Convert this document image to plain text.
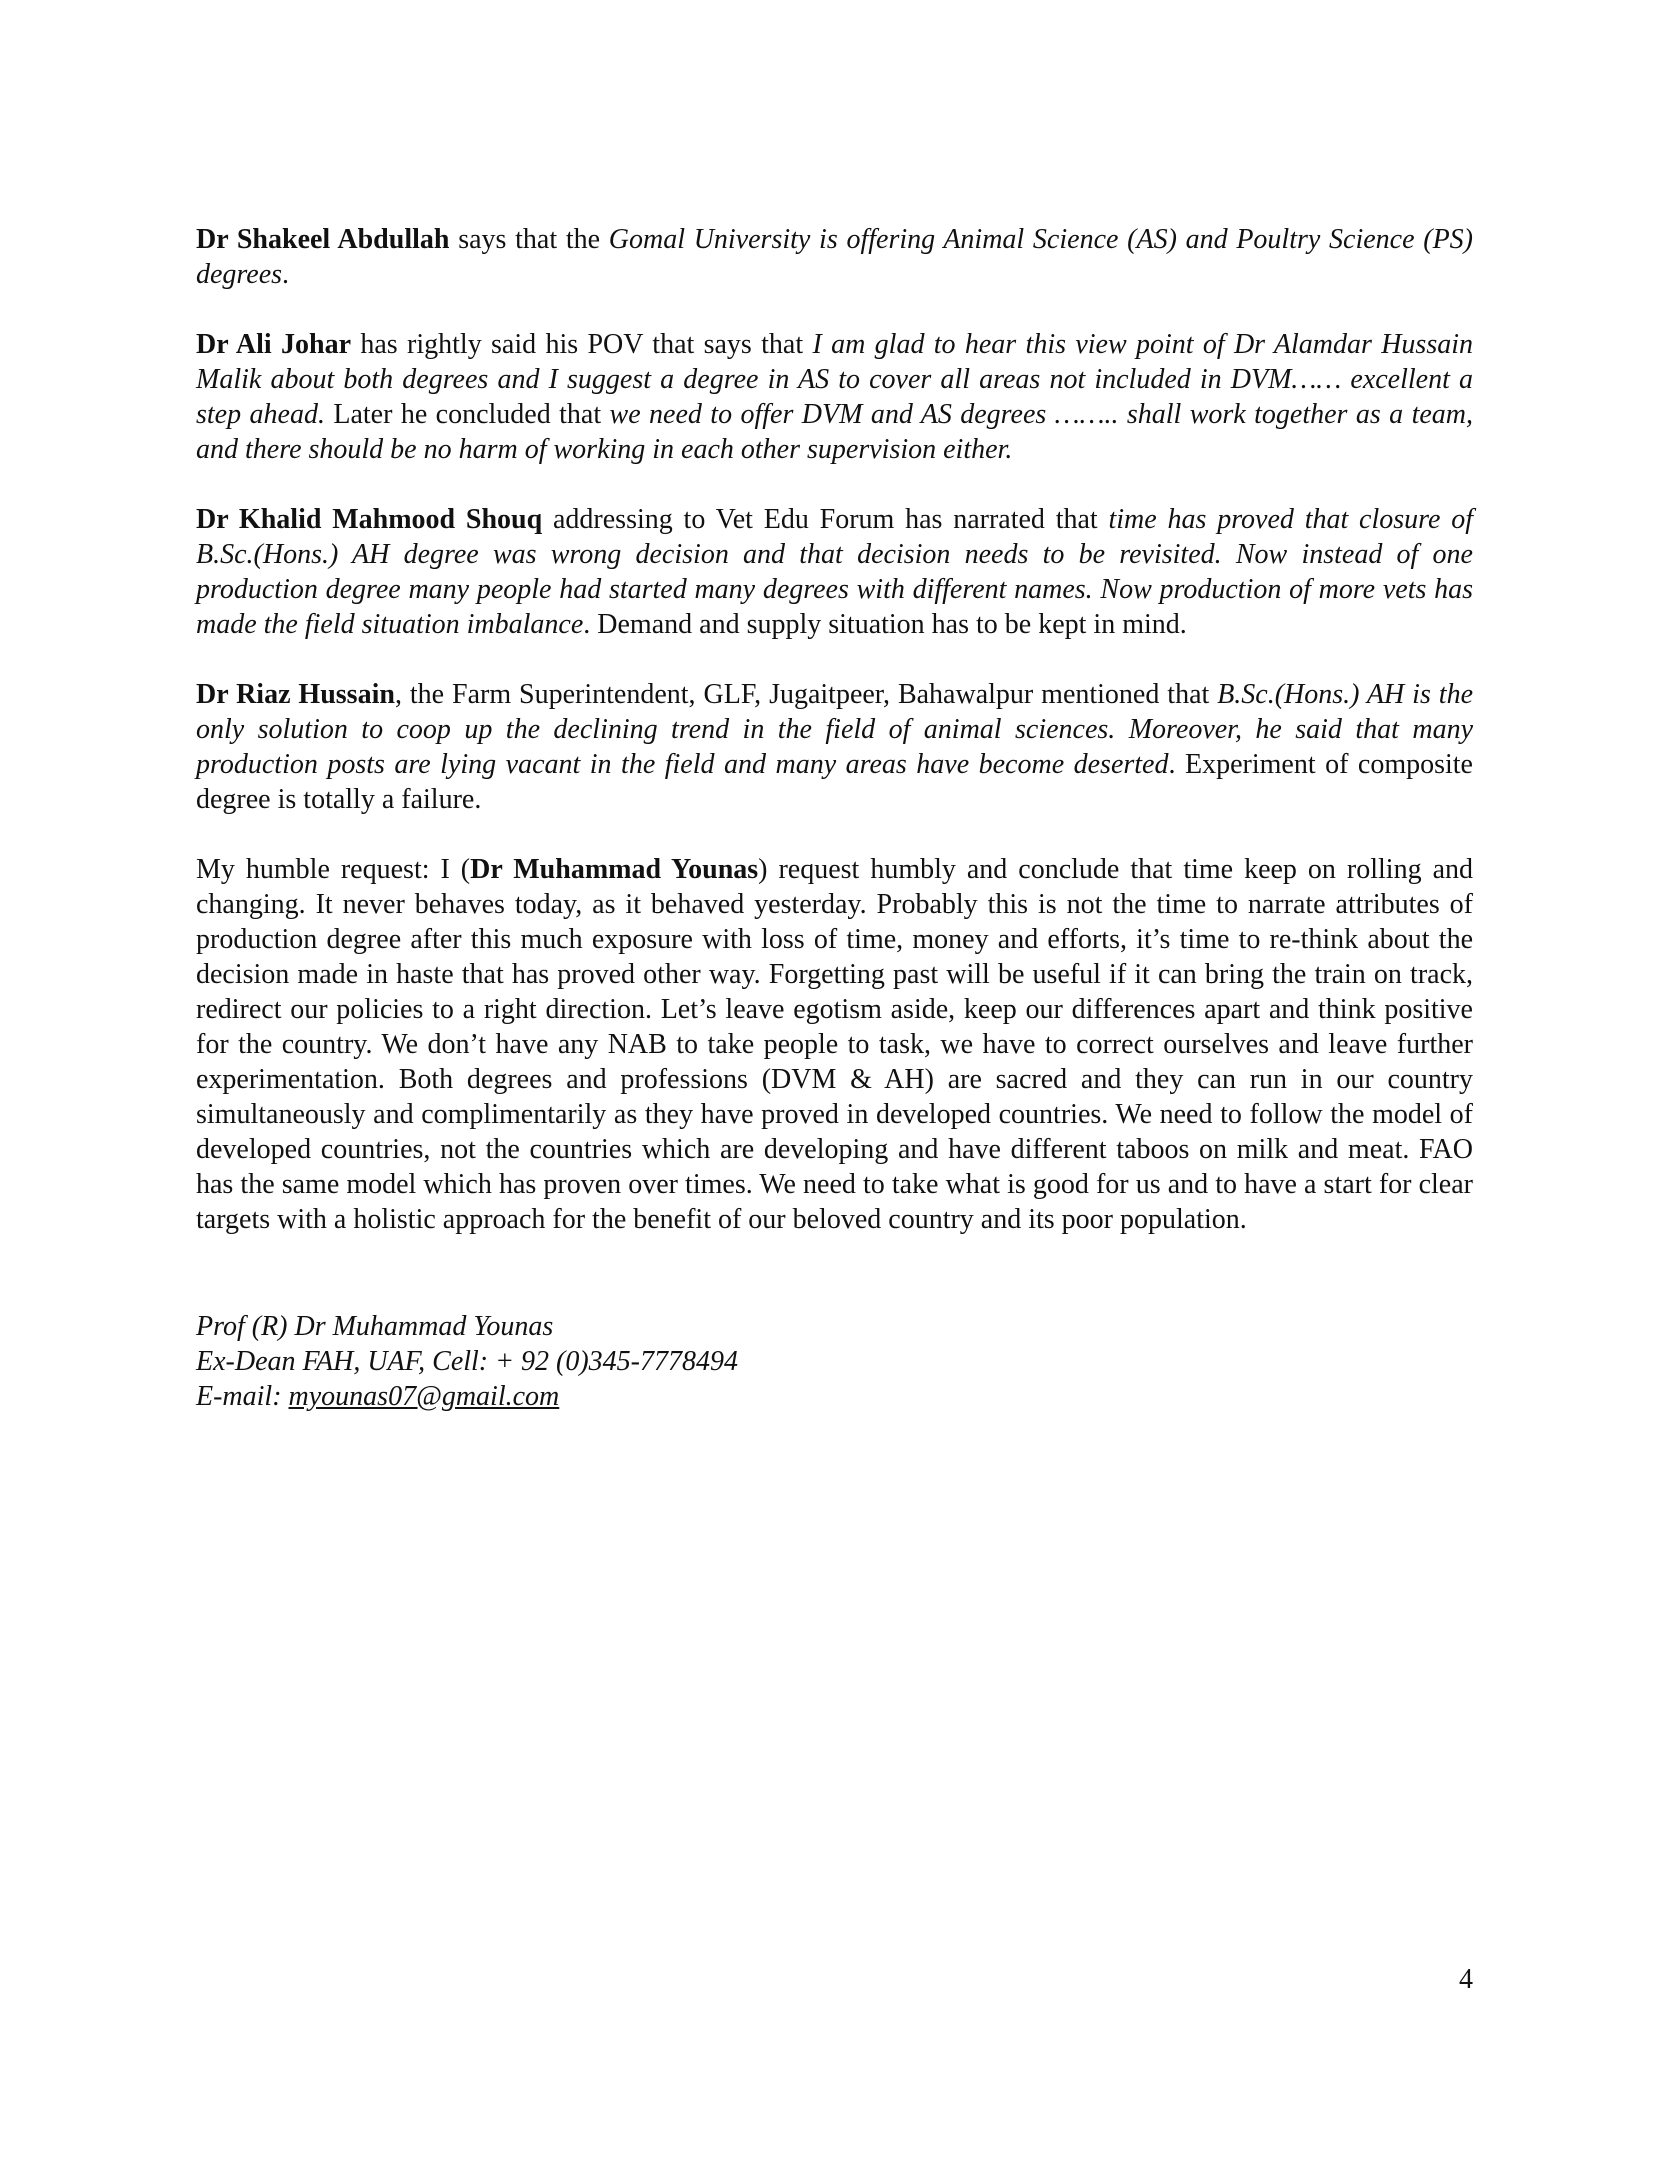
Dr Shakeel Abdullah says that the Gomal University is offering Animal Science (AS) and Poultry Science (PS) degrees.

Dr Ali Johar has rightly said his POV that says that I am glad to hear this view point of Dr Alamdar Hussain Malik about both degrees and I suggest a degree in AS to cover all areas not included in DVM…… excellent a step ahead. Later he concluded that we need to offer DVM and AS degrees …….. shall work together as a team, and there should be no harm of working in each other supervision either.

Dr Khalid Mahmood Shouq addressing to Vet Edu Forum has narrated that time has proved that closure of B.Sc.(Hons.) AH degree was wrong decision and that decision needs to be revisited. Now instead of one production degree many people had started many degrees with different names. Now production of more vets has made the field situation imbalance. Demand and supply situation has to be kept in mind.

Dr Riaz Hussain, the Farm Superintendent, GLF, Jugaitpeer, Bahawalpur mentioned that B.Sc.(Hons.) AH is the only solution to coop up the declining trend in the field of animal sciences. Moreover, he said that many production posts are lying vacant in the field and many areas have become deserted. Experiment of composite degree is totally a failure.

My humble request: I (Dr Muhammad Younas) request humbly and conclude that time keep on rolling and changing. It never behaves today, as it behaved yesterday. Probably this is not the time to narrate attributes of production degree after this much exposure with loss of time, money and efforts, it’s time to re-think about the decision made in haste that has proved other way. Forgetting past will be useful if it can bring the train on track, redirect our policies to a right direction. Let’s leave egotism aside, keep our differences apart and think positive for the country. We don’t have any NAB to take people to task, we have to correct ourselves and leave further experimentation. Both degrees and professions (DVM & AH) are sacred and they can run in our country simultaneously and complimentarily as they have proved in developed countries. We need to follow the model of developed countries, not the countries which are developing and have different taboos on milk and meat. FAO has the same model which has proven over times. We need to take what is good for us and to have a start for clear targets with a holistic approach for the benefit of our beloved country and its poor population.

Prof (R) Dr Muhammad Younas

Ex-Dean FAH, UAF, Cell: + 92 (0)345-7778494

E-mail: myounas07@gmail.com

4
